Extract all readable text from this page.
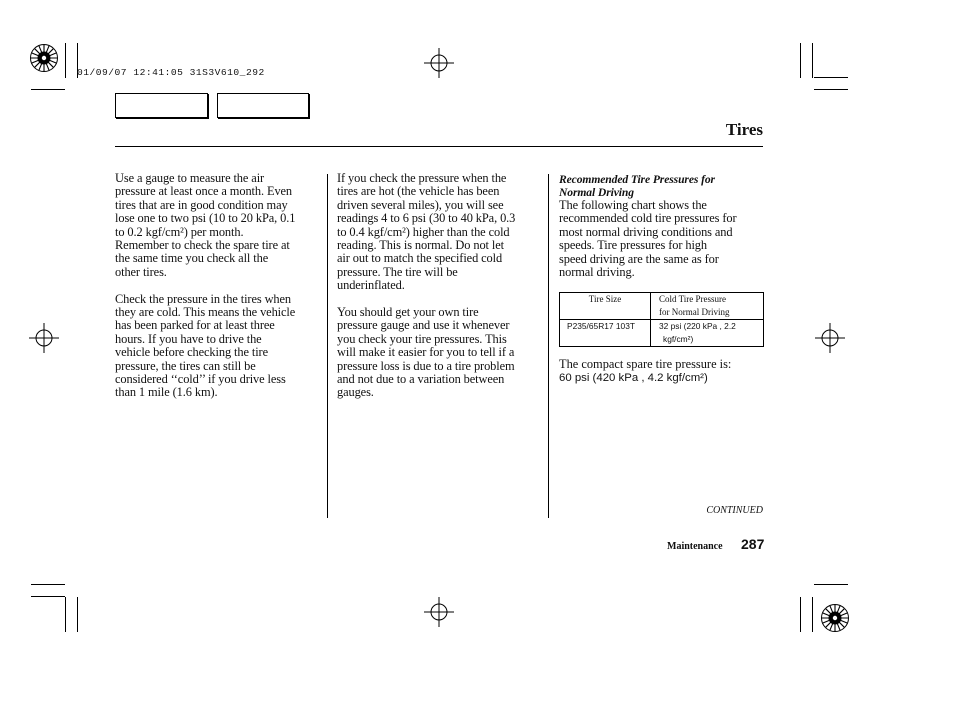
01/09/07 12:41:05 31S3V610_292
Tires

Use a gauge to measure the air

pressure at least once a month. Even

tires that are in good condition may

lose one to two psi (10 to 20 kPa, 0.1

to 0.2 kgf/cm²) per month.

Remember to check the spare tire at

the same time you check all the

other tires.

Check the pressure in the tires when

they are cold. This means the vehicle

has been parked for at least three

hours. If you have to drive the

vehicle before checking the tire

pressure, the tires can still be

considered ‘‘cold’’ if you drive less

than 1 mile (1.6 km).

If you check the pressure when the

tires are hot (the vehicle has been

driven several miles), you will see

readings 4 to 6 psi (30 to 40 kPa, 0.3

to 0.4 kgf/cm²) higher than the cold

reading. This is normal. Do not let

air out to match the specified cold

pressure. The tire will be

underinflated.

You should get your own tire

pressure gauge and use it whenever

you check your tire pressures. This

will make it easier for you to tell if a

pressure loss is due to a tire problem

and not due to a variation between

gauges.

Recommended Tire Pressures for
Normal Driving

The following chart shows the

recommended cold tire pressures for

most normal driving conditions and

speeds. Tire pressures for high

speed driving are the same as for

normal driving.

Tire Size	Cold Tire Pressure
for Normal Driving

P235/65R17 103T	32 psi (220 kPa , 2.2
kgf/cm²)
The compact spare tire pressure is:
60 psi (420 kPa , 4.2 kgf/cm²)
CONTINUED
Maintenance 287
